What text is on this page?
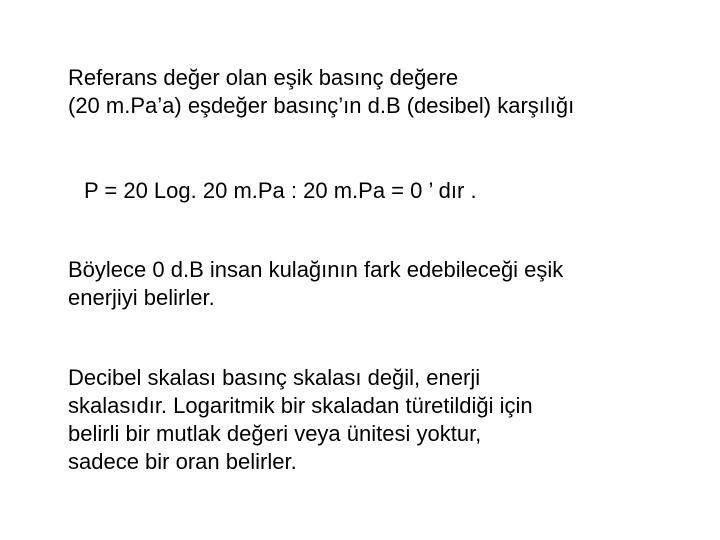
Referans değer olan eşik basınç değere
(20 m.Pa’a) eşdeğer basınç’ın d.B (desibel) karşılığı
P = 20 Log. 20 m.Pa : 20 m.Pa = 0 ’ dır .
Böylece 0 d.B insan kulağının fark edebileceği eşik
enerjiyi belirler.
Decibel skalası basınç skalası değil, enerji
skalasıdır. Logaritmik bir skaladan türetildiği için
belirli bir mutlak değeri veya ünitesi yoktur,
sadece bir oran belirler.
